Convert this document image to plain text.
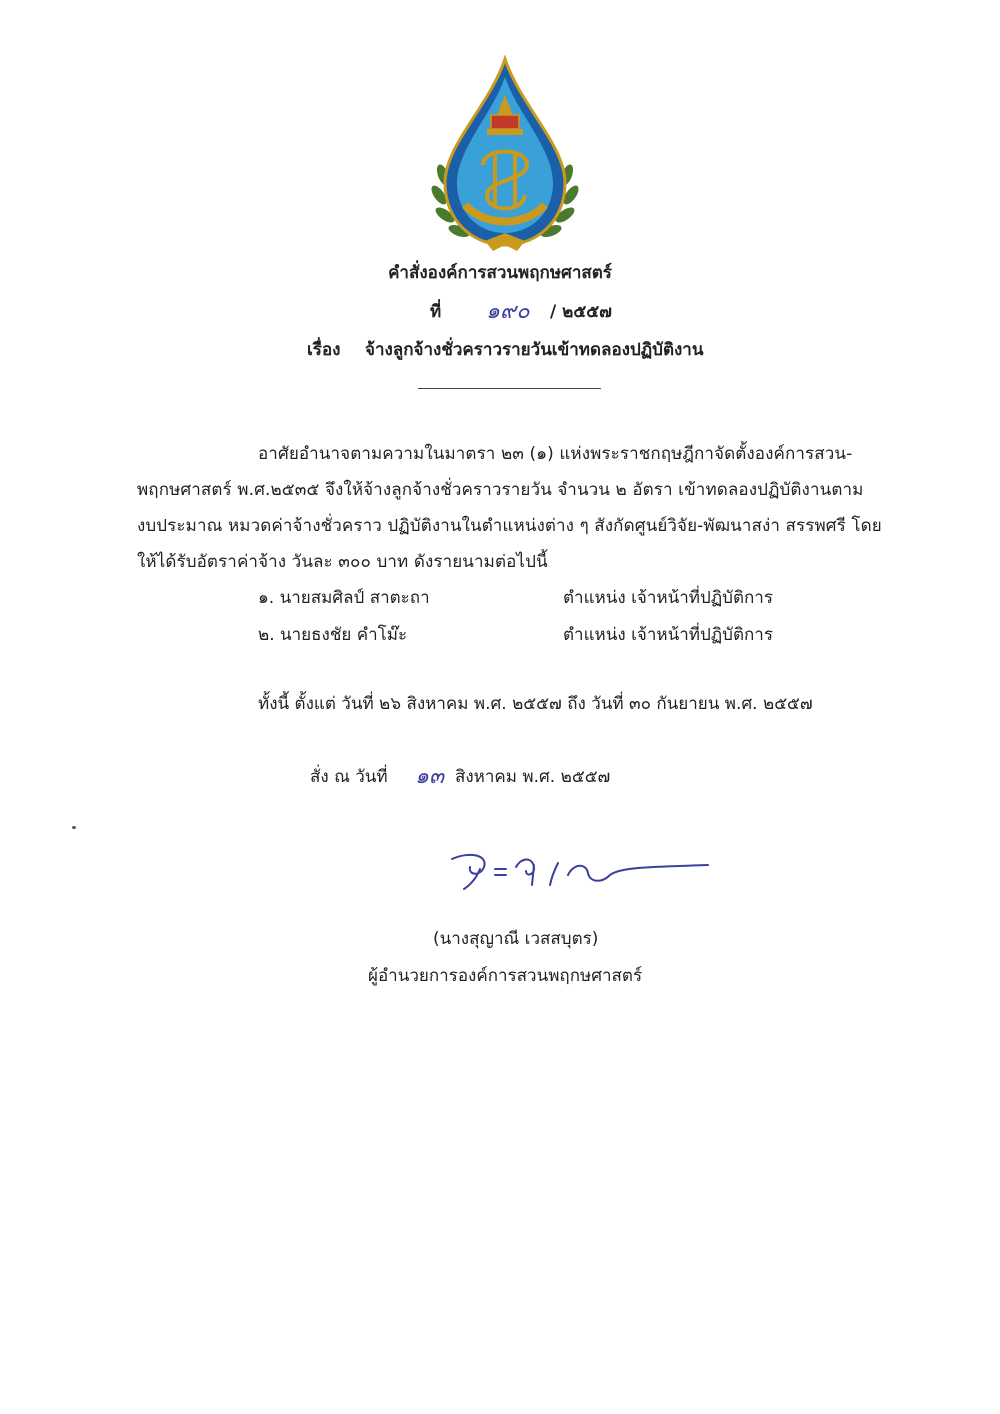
คำสั่งองค์การสวนพฤกษศาสตร์
ที่ ๑๙๐ / ๒๕๕๗
เรื่อง จ้างลูกจ้างชั่วคราวรายวันเข้าทดลองปฏิบัติงาน
อาศัยอำนาจตามความในมาตรา ๒๓ (๑) แห่งพระราชกฤษฎีกาจัดตั้งองค์การสวน-
พฤกษศาสตร์ พ.ศ.๒๕๓๕ จึงให้จ้างลูกจ้างชั่วคราวรายวัน จำนวน ๒ อัตรา เข้าทดลองปฏิบัติงานตาม
งบประมาณ หมวดค่าจ้างชั่วคราว ปฏิบัติงานในตำแหน่งต่าง ๆ สังกัดศูนย์วิจัย-พัฒนาสง่า สรรพศรี โดย
ให้ได้รับอัตราค่าจ้าง วันละ ๓๐๐ บาท ดังรายนามต่อไปนี้
๑. นายสมศิลป์ สาตะถา	ตำแหน่ง เจ้าหน้าที่ปฏิบัติการ
๒. นายธงชัย คำโม๊ะ	ตำแหน่ง เจ้าหน้าที่ปฏิบัติการ
ทั้งนี้ ตั้งแต่ วันที่ ๒๖ สิงหาคม พ.ศ. ๒๕๕๗ ถึง วันที่ ๓๐ กันยายน พ.ศ. ๒๕๕๗
สั่ง ณ วันที่ ๑๓ สิงหาคม พ.ศ. ๒๕๕๗
(นางสุญาณี เวสสบุตร)
ผู้อำนวยการองค์การสวนพฤกษศาสตร์
